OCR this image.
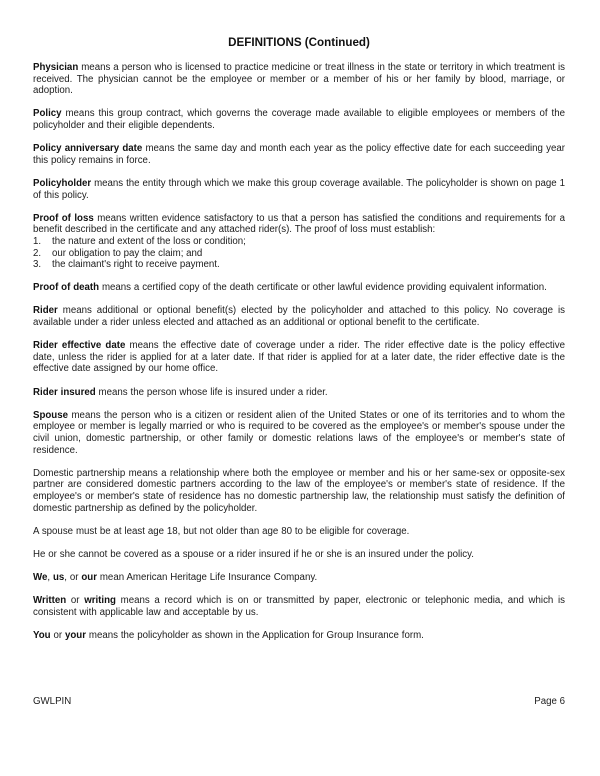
DEFINITIONS (Continued)

Physician means a person who is licensed to practice medicine or treat illness in the state or territory in which treatment is received. The physician cannot be the employee or member or a member of his or her family by blood, marriage, or adoption.

Policy means this group contract, which governs the coverage made available to eligible employees or members of the policyholder and their eligible dependents.

Policy anniversary date means the same day and month each year as the policy effective date for each succeeding year this policy remains in force.

Policyholder means the entity through which we make this group coverage available. The policyholder is shown on page 1 of this policy.

Proof of loss means written evidence satisfactory to us that a person has satisfied the conditions and requirements for a benefit described in the certificate and any attached rider(s). The proof of loss must establish:

1.	the nature and extent of the loss or condition;
2.	our obligation to pay the claim; and
3.	the claimant's right to receive payment.

Proof of death means a certified copy of the death certificate or other lawful evidence providing equivalent information.

Rider means additional or optional benefit(s) elected by the policyholder and attached to this policy. No coverage is available under a rider unless elected and attached as an additional or optional benefit to the certificate.

Rider effective date means the effective date of coverage under a rider. The rider effective date is the policy effective date, unless the rider is applied for at a later date. If that rider is applied for at a later date, the rider effective date is the effective date assigned by our home office.

Rider insured means the person whose life is insured under a rider.

Spouse means the person who is a citizen or resident alien of the United States or one of its territories and to whom the employee or member is legally married or who is required to be covered as the employee's or member's spouse under the civil union, domestic partnership, or other family or domestic relations laws of the employee's or member's state of residence.

Domestic partnership means a relationship where both the employee or member and his or her same-sex or opposite-sex partner are considered domestic partners according to the law of the employee's or member's state of residence. If the employee's or member's state of residence has no domestic partnership law, the relationship must satisfy the definition of domestic partnership as defined by the policyholder.

A spouse must be at least age 18, but not older than age 80 to be eligible for coverage.

He or she cannot be covered as a spouse or a rider insured if he or she is an insured under the policy.

We, us, or our mean American Heritage Life Insurance Company.

Written or writing means a record which is on or transmitted by paper, electronic or telephonic media, and which is consistent with applicable law and acceptable by us.

You or your means the policyholder as shown in the Application for Group Insurance form.

GWLPIN	Page 6
